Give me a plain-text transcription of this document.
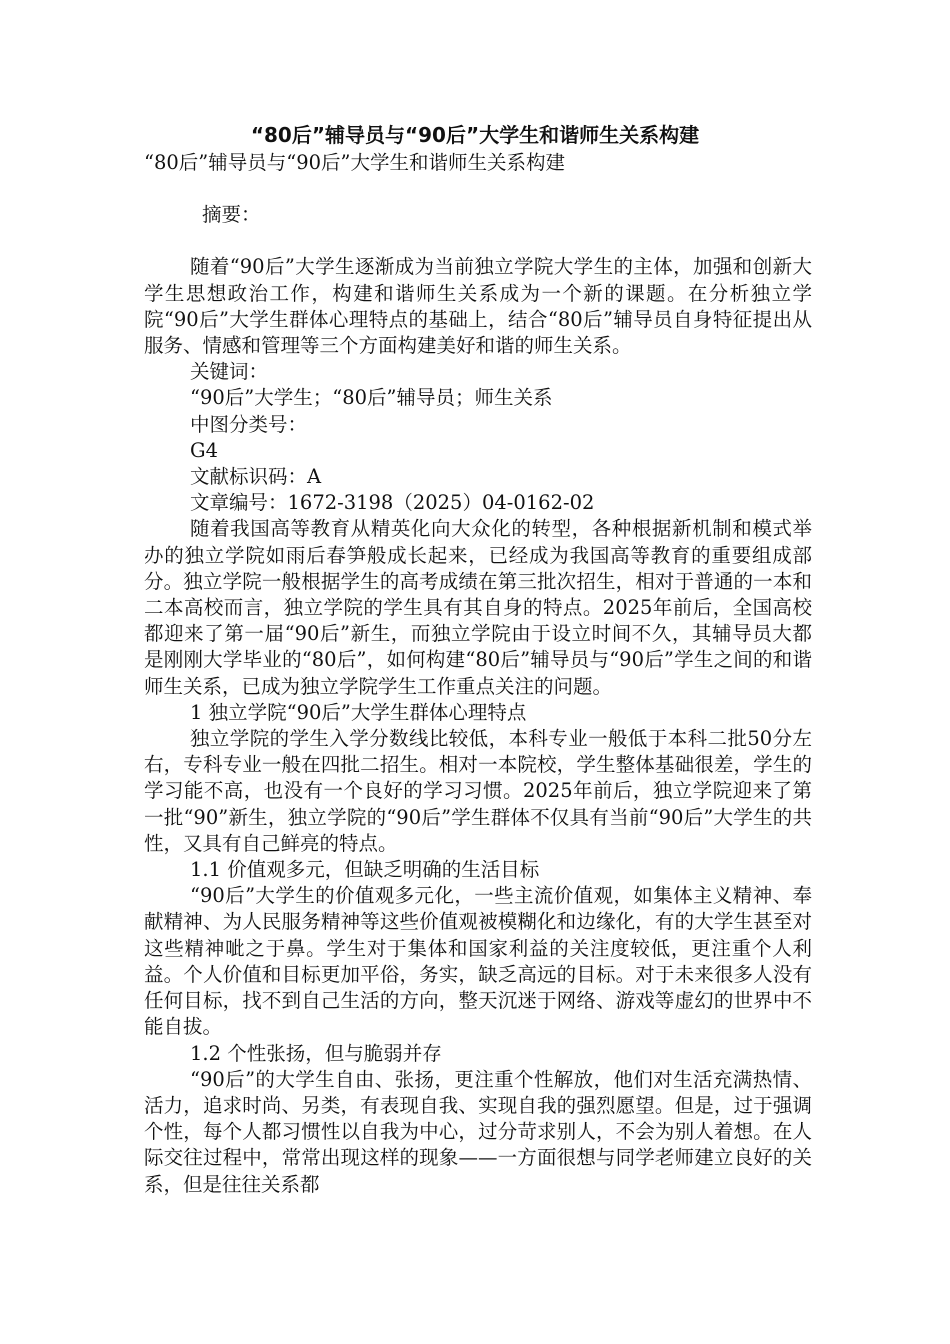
“80后”辅导员与“90后”大学生和谐师生关系构建

“80后”辅导员与“90后”大学生和谐师生关系构建

摘要：

随着“90后”大学生逐渐成为当前独立学院大学生的主体，加强和创新大学生思想政治工作，构建和谐师生关系成为一个新的课题。在分析独立学院“90后”大学生群体心理特点的基础上，结合“80后”辅导员自身特征提出从服务、情感和管理等三个方面构建美好和谐的师生关系。

关键词：

“90后”大学生；“80后”辅导员；师生关系

中图分类号：

G4

文献标识码：A

文章编号：1672-3198（2025）04-0162-02

随着我国高等教育从精英化向大众化的转型，各种根据新机制和模式举办的独立学院如雨后春笋般成长起来，已经成为我国高等教育的重要组成部分。独立学院一般根据学生的高考成绩在第三批次招生，相对于普通的一本和二本高校而言，独立学院的学生具有其自身的特点。2025年前后，全国高校都迎来了第一届“90后”新生，而独立学院由于设立时间不久，其辅导员大都是刚刚大学毕业的“80后”，如何构建“80后”辅导员与“90后”学生之间的和谐师生关系，已成为独立学院学生工作重点关注的问题。

1 独立学院“90后”大学生群体心理特点

独立学院的学生入学分数线比较低，本科专业一般低于本科二批50分左右，专科专业一般在四批二招生。相对一本院校，学生整体基础很差，学生的学习能不高，也没有一个良好的学习习惯。2025年前后，独立学院迎来了第一批“90”新生，独立学院的“90后”学生群体不仅具有当前“90后”大学生的共性，又具有自己鲜亮的特点。

1.1 价值观多元，但缺乏明确的生活目标

“90后”大学生的价值观多元化，一些主流价值观，如集体主义精神、奉献精神、为人民服务精神等这些价值观被模糊化和边缘化，有的大学生甚至对这些精神呲之于鼻。学生对于集体和国家利益的关注度较低，更注重个人利益。个人价值和目标更加平俗，务实，缺乏高远的目标。对于未来很多人没有任何目标，找不到自己生活的方向，整天沉迷于网络、游戏等虚幻的世界中不能自拔。

1.2 个性张扬，但与脆弱并存

“90后”的大学生自由、张扬，更注重个性解放，他们对生活充满热情、活力，追求时尚、另类，有表现自我、实现自我的强烈愿望。但是，过于强调个性，每个人都习惯性以自我为中心，过分苛求别人，不会为别人着想。在人际交往过程中，常常出现这样的现象——一方面很想与同学老师建立良好的关系，但是往往关系都
